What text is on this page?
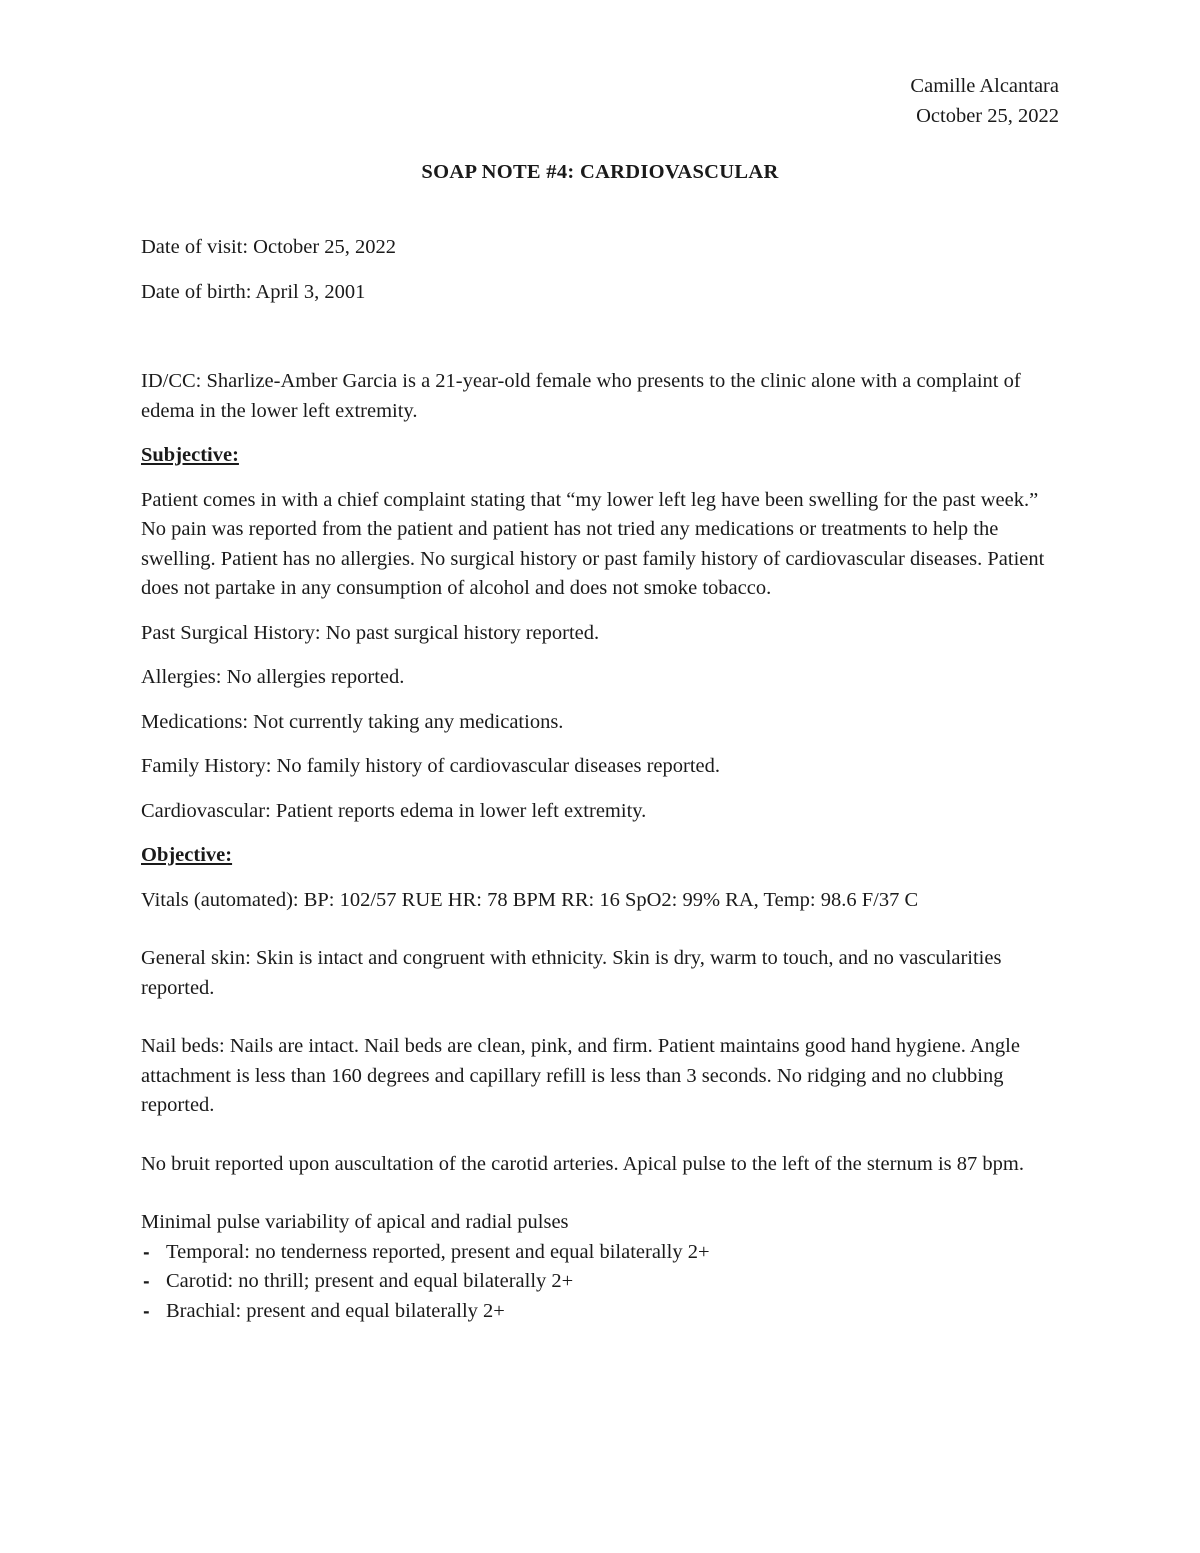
Camille Alcantara
October 25, 2022
SOAP NOTE #4: CARDIOVASCULAR

Date of visit: October 25, 2022

Date of birth: April 3, 2001

ID/CC: Sharlize-Amber Garcia is a 21-year-old female who presents to the clinic alone with a complaint of edema in the lower left extremity.

Subjective:

Patient comes in with a chief complaint stating that “my lower left leg have been swelling for the past week.” No pain was reported from the patient and patient has not tried any medications or treatments to help the swelling. Patient has no allergies. No surgical history or past family history of cardiovascular diseases. Patient does not partake in any consumption of alcohol and does not smoke tobacco.

Past Surgical History: No past surgical history reported.

Allergies: No allergies reported.

Medications: Not currently taking any medications.

Family History: No family history of cardiovascular diseases reported.

Cardiovascular: Patient reports edema in lower left extremity.

Objective:

Vitals (automated): BP: 102/57 RUE HR: 78 BPM RR: 16 SpO2: 99% RA, Temp: 98.6 F/37 C

General skin: Skin is intact and congruent with ethnicity. Skin is dry, warm to touch, and no vascularities reported.

Nail beds: Nails are intact. Nail beds are clean, pink, and firm. Patient maintains good hand hygiene. Angle attachment is less than 160 degrees and capillary refill is less than 3 seconds. No ridging and no clubbing reported.

No bruit reported upon auscultation of the carotid arteries. Apical pulse to the left of the sternum is 87 bpm.

Minimal pulse variability of apical and radial pulses

- Temporal: no tenderness reported, present and equal bilaterally 2+
- Carotid: no thrill; present and equal bilaterally 2+
- Brachial: present and equal bilaterally 2+
